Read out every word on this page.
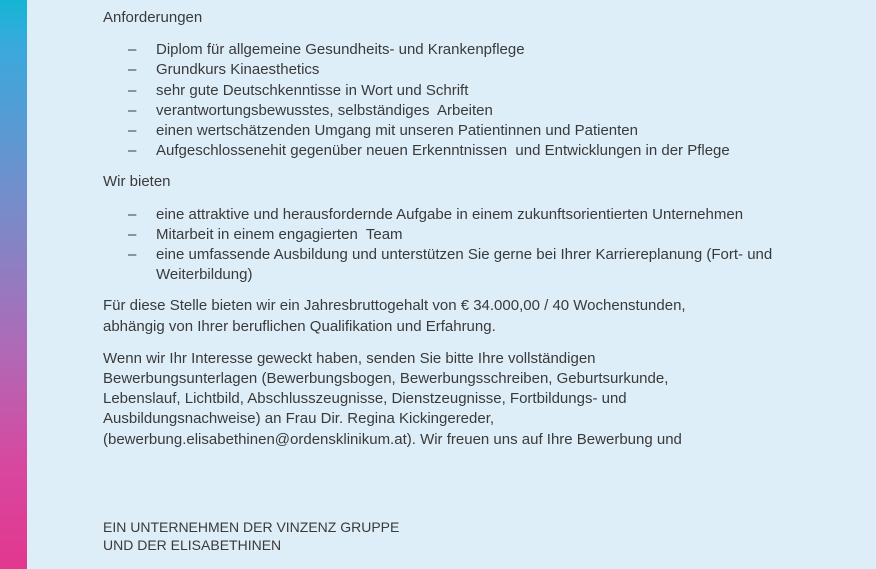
Anforderungen
– Diplom für allgemeine Gesundheits- und Krankenpflege
– Grundkurs Kinaesthetics
– sehr gute Deutschkenntisse in Wort und Schrift
– verantwortungsbewusstes, selbständiges  Arbeiten
– einen wertschätzenden Umgang mit unseren Patientinnen und Patienten
– Aufgeschlossenehit gegenüber neuen Erkenntnissen  und Entwicklungen in der Pflege
Wir bieten
– eine attraktive und herausfordernde Aufgabe in einem zukunftsorientierten Unternehmen
– Mitarbeit in einem engagierten  Team
– eine umfassende Ausbildung und unterstützen Sie gerne bei Ihrer Karriereplanung (Fort- und Weiterbildung)

Für diese Stelle bieten wir ein Jahresbruttogehalt von € 34.000,00 / 40 Wochenstunden, abhängig von Ihrer beruflichen Qualifikation und Erfahrung.

Wenn wir Ihr Interesse geweckt haben, senden Sie bitte Ihre vollständigen Bewerbungsunterlagen (Bewerbungsbogen, Bewerbungsschreiben, Geburtsurkunde, Lebenslauf, Lichtbild, Abschlusszeugnisse, Dienstzeugnisse, Fortbildungs- und Ausbildungsnachweise) an Frau Dir. Regina Kickingereder, (bewerbung.elisabethinen@ordensklinikum.at). Wir freuen uns auf Ihre Bewerbung und

EIN UNTERNEHMEN DER VINZENZ GRUPPE
UND DER ELISABETHINEN
